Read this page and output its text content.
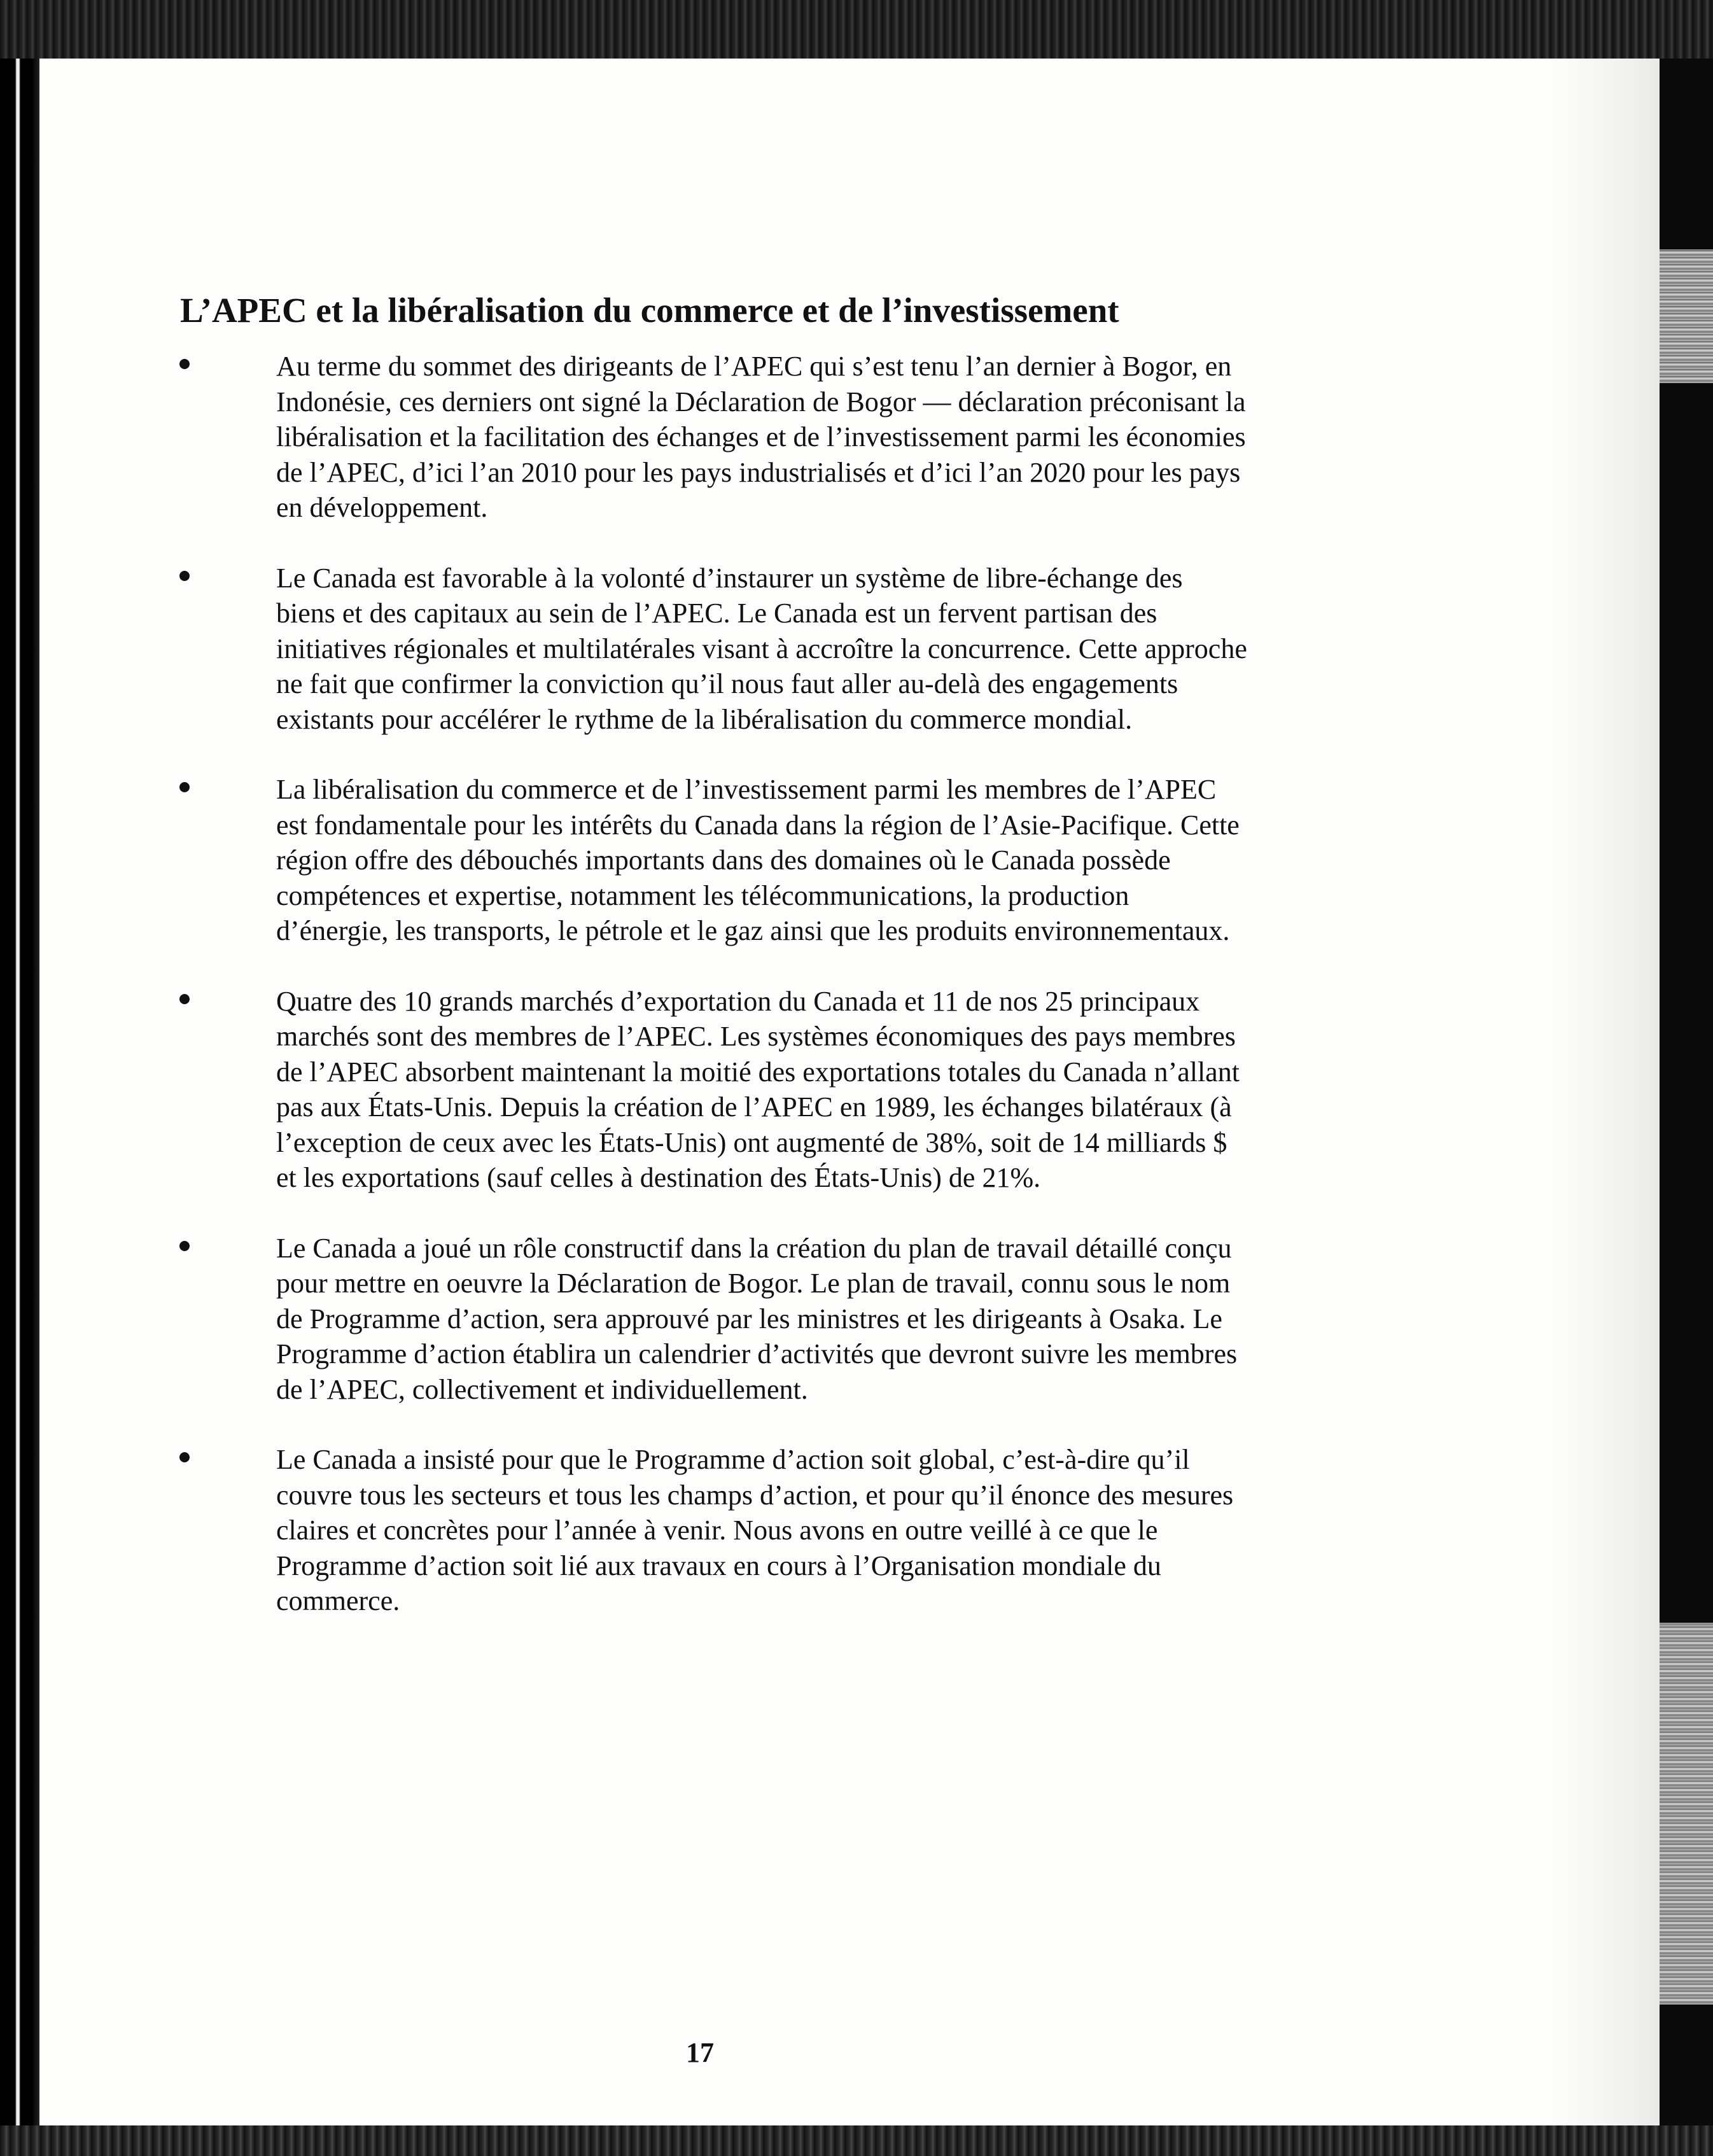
L’APEC et la libéralisation du commerce et de l’investissement
Au terme du sommet des dirigeants de l’APEC qui s’est tenu l’an dernier à Bogor, en Indonésie, ces derniers ont signé la Déclaration de Bogor — déclaration préconisant la libéralisation et la facilitation des échanges et de l’investissement parmi les économies de l’APEC, d’ici l’an 2010 pour les pays industrialisés et d’ici l’an 2020 pour les pays en développement.
Le Canada est favorable à la volonté d’instaurer un système de libre-échange des biens et des capitaux au sein de l’APEC. Le Canada est un fervent partisan des initiatives régionales et multilatérales visant à accroître la concurrence. Cette approche ne fait que confirmer la conviction qu’il nous faut aller au-delà des engagements existants pour accélérer le rythme de la libéralisation du commerce mondial.
La libéralisation du commerce et de l’investissement parmi les membres de l’APEC est fondamentale pour les intérêts du Canada dans la région de l’Asie-Pacifique. Cette région offre des débouchés importants dans des domaines où le Canada possède compétences et expertise, notamment les télécommunications, la production d’énergie, les transports, le pétrole et le gaz ainsi que les produits environnementaux.
Quatre des 10 grands marchés d’exportation du Canada et 11 de nos 25 principaux marchés sont des membres de l’APEC. Les systèmes économiques des pays membres de l’APEC absorbent maintenant la moitié des exportations totales du Canada n’allant pas aux États-Unis. Depuis la création de l’APEC en 1989, les échanges bilatéraux (à l’exception de ceux avec les États-Unis) ont augmenté de 38%, soit de 14 milliards $ et les exportations (sauf celles à destination des États-Unis) de 21%.
Le Canada a joué un rôle constructif dans la création du plan de travail détaillé conçu pour mettre en oeuvre la Déclaration de Bogor. Le plan de travail, connu sous le nom de Programme d’action, sera approuvé par les ministres et les dirigeants à Osaka. Le Programme d’action établira un calendrier d’activités que devront suivre les membres de l’APEC, collectivement et individuellement.
Le Canada a insisté pour que le Programme d’action soit global, c’est-à-dire qu’il couvre tous les secteurs et tous les champs d’action, et pour qu’il énonce des mesures claires et concrètes pour l’année à venir. Nous avons en outre veillé à ce que le Programme d’action soit lié aux travaux en cours à l’Organisation mondiale du commerce.
17
